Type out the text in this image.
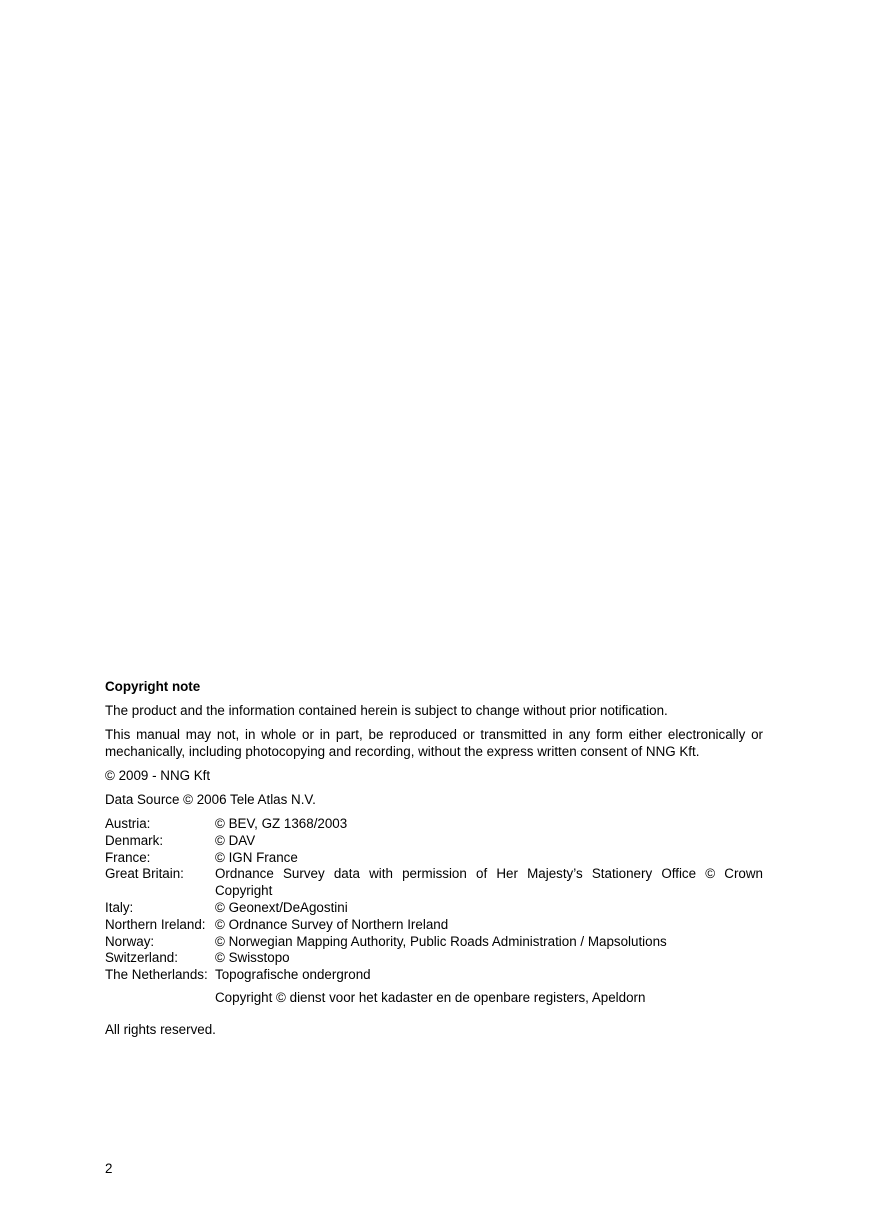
Copyright note
The product and the information contained herein is subject to change without prior notification.
This manual may not, in whole or in part, be reproduced or transmitted in any form either electronically or mechanically, including photocopying and recording, without the express written consent of NNG Kft.
© 2009 - NNG Kft
Data Source © 2006 Tele Atlas N.V.
Austria:	© BEV, GZ 1368/2003
Denmark:	© DAV
France:	© IGN France
Great Britain:	Ordnance Survey data with permission of Her Majesty’s Stationery Office © Crown Copyright
Italy:	© Geonext/DeAgostini
Northern Ireland:	© Ordnance Survey of Northern Ireland
Norway:	© Norwegian Mapping Authority, Public Roads Administration / Mapsolutions
Switzerland:	© Swisstopo
The Netherlands:	Topografische ondergrond
	Copyright © dienst voor het kadaster en de openbare registers, Apeldorn
All rights reserved.
2
